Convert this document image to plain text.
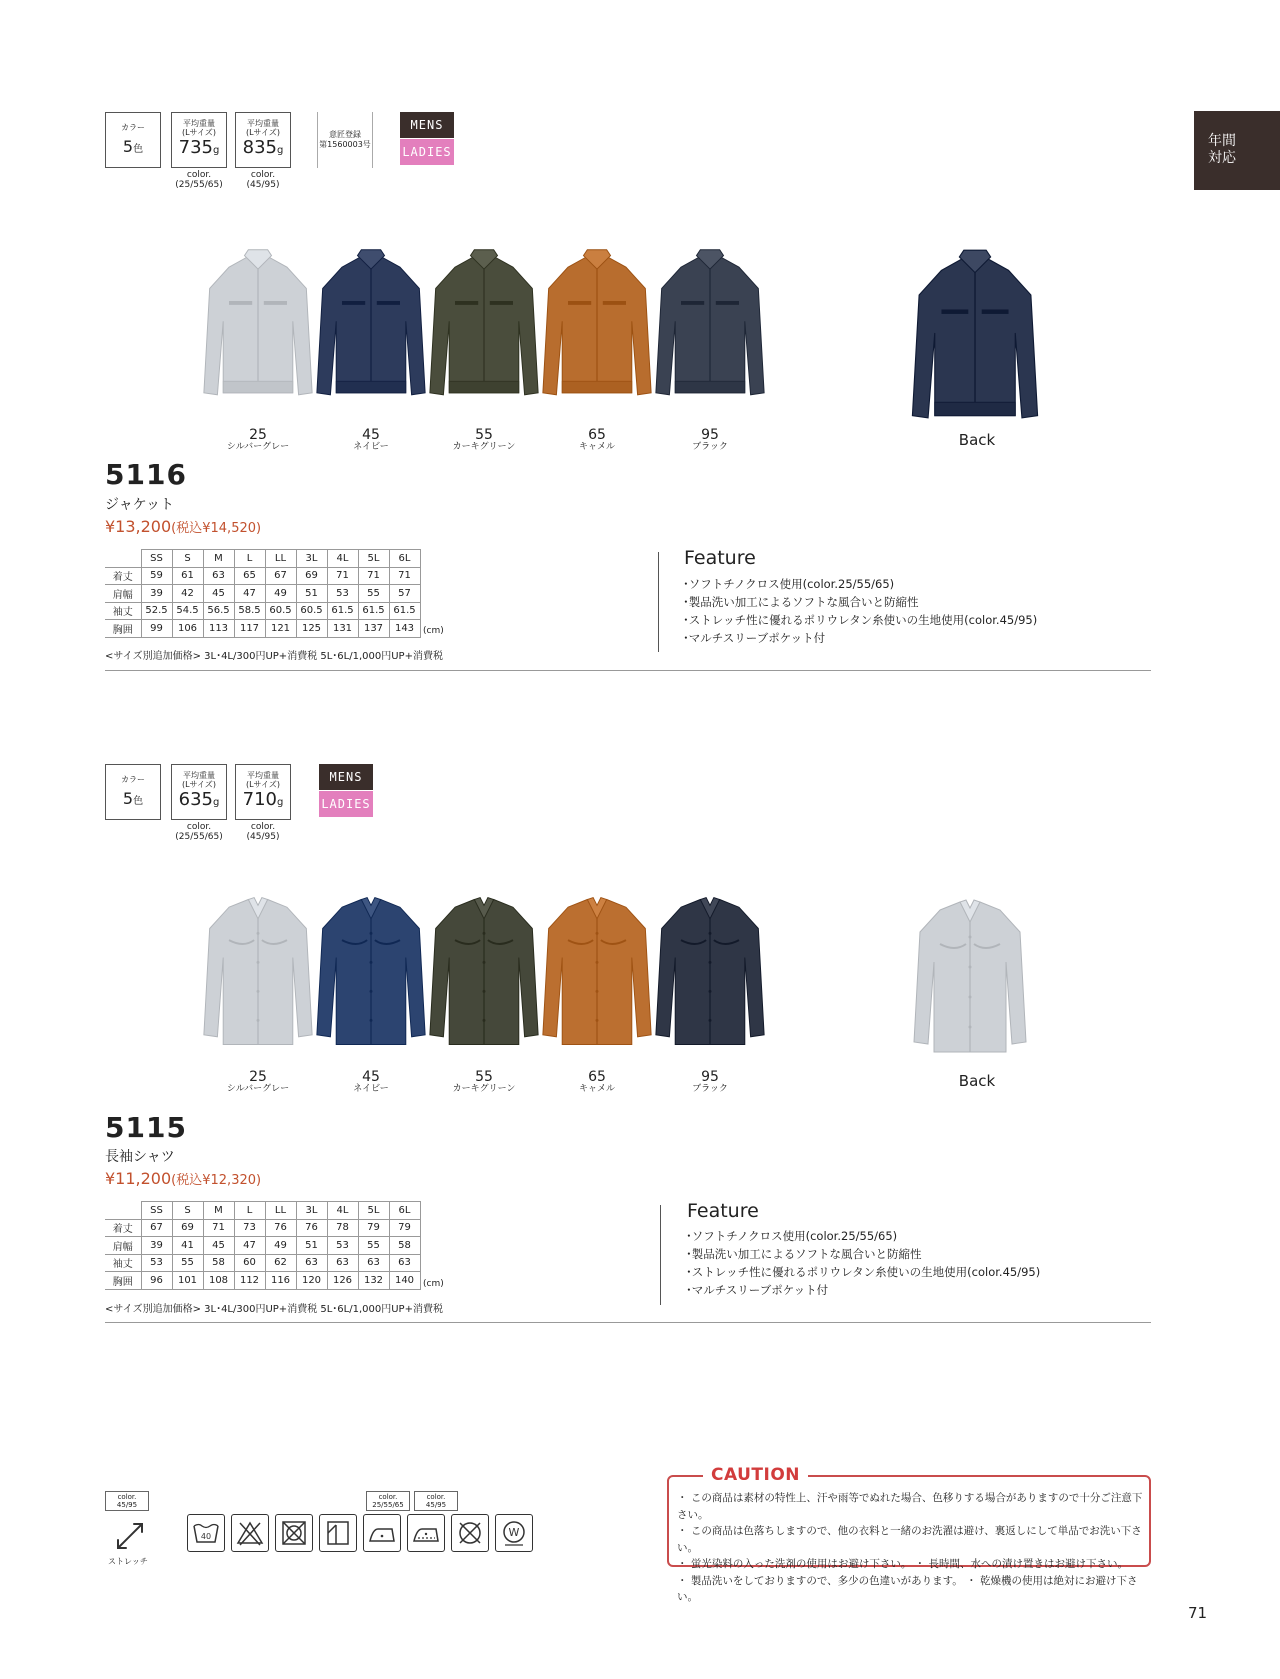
年間
対応
カラー
5色
平均重量
(Lサイズ)
735g
color.
(25/55/65)
平均重量
(Lサイズ)
835g
color.
(45/95)
意匠登録
第1560003号
MENS
LADIES
25
シルバーグレー
45
ネイビー
55
カーキグリーン
65
キャメル
95
ブラック	Back
5116
ジャケット
¥13,200(税込¥14,520)
	SS	S	M	L	LL	3L	4L	5L	6L
着丈	59	61	63	65	67	69	71	71	71
肩幅	39	42	45	47	49	51	53	55	57
袖丈	52.5	54.5	56.5	58.5	60.5	60.5	61.5	61.5	61.5
胸囲	99	106	113	117	121	125	131	137	143 (cm)
<サイズ別追加価格> 3L･4L/300円UP+消費税 5L･6L/1,000円UP+消費税
Feature
･ソフトチノクロス使用(color.25/55/65)
･製品洗い加工によるソフトな風合いと防縮性
･ストレッチ性に優れるポリウレタン糸使いの生地使用(color.45/95)
･マルチスリーブポケット付
カラー
5色
平均重量
(Lサイズ)
635g
color.
(25/55/65)
平均重量
(Lサイズ)
710g
color.
(45/95)
MENS
LADIES
25
シルバーグレー
45
ネイビー
55
カーキグリーン
65
キャメル
95
ブラック	Back
5115
長袖シャツ
¥11,200(税込¥12,320)
	SS	S	M	L	LL	3L	4L	5L	6L
着丈	67	69	71	73	76	76	78	79	79
肩幅	39	41	45	47	49	51	53	55	58
袖丈	53	55	58	60	62	63	63	63	63
胸囲	96	101	108	112	116	120	126	132	140 (cm)
<サイズ別追加価格> 3L･4L/300円UP+消費税 5L･6L/1,000円UP+消費税
Feature
･ソフトチノクロス使用(color.25/55/65)
･製品洗い加工によるソフトな風合いと防縮性
･ストレッチ性に優れるポリウレタン糸使いの生地使用(color.45/95)
･マルチスリーブポケット付
color.
45/95
ストレッチ
color.
25/55/65
color.
45/95
40	W
CAUTION
・ この商品は素材の特性上、汗や雨等でぬれた場合、色移りする場合がありますので十分ご注意下さい。
・ この商品は色落ちしますので、他の衣料と一緒のお洗濯は避け、裏返しにして単品でお洗い下さい。
・ 蛍光染料の入った洗剤の使用はお避け下さい。 ・ 長時間、水への漬け置きはお避け下さい。
・ 製品洗いをしておりますので、多少の色違いがあります。 ・ 乾燥機の使用は絶対にお避け下さい。
71
